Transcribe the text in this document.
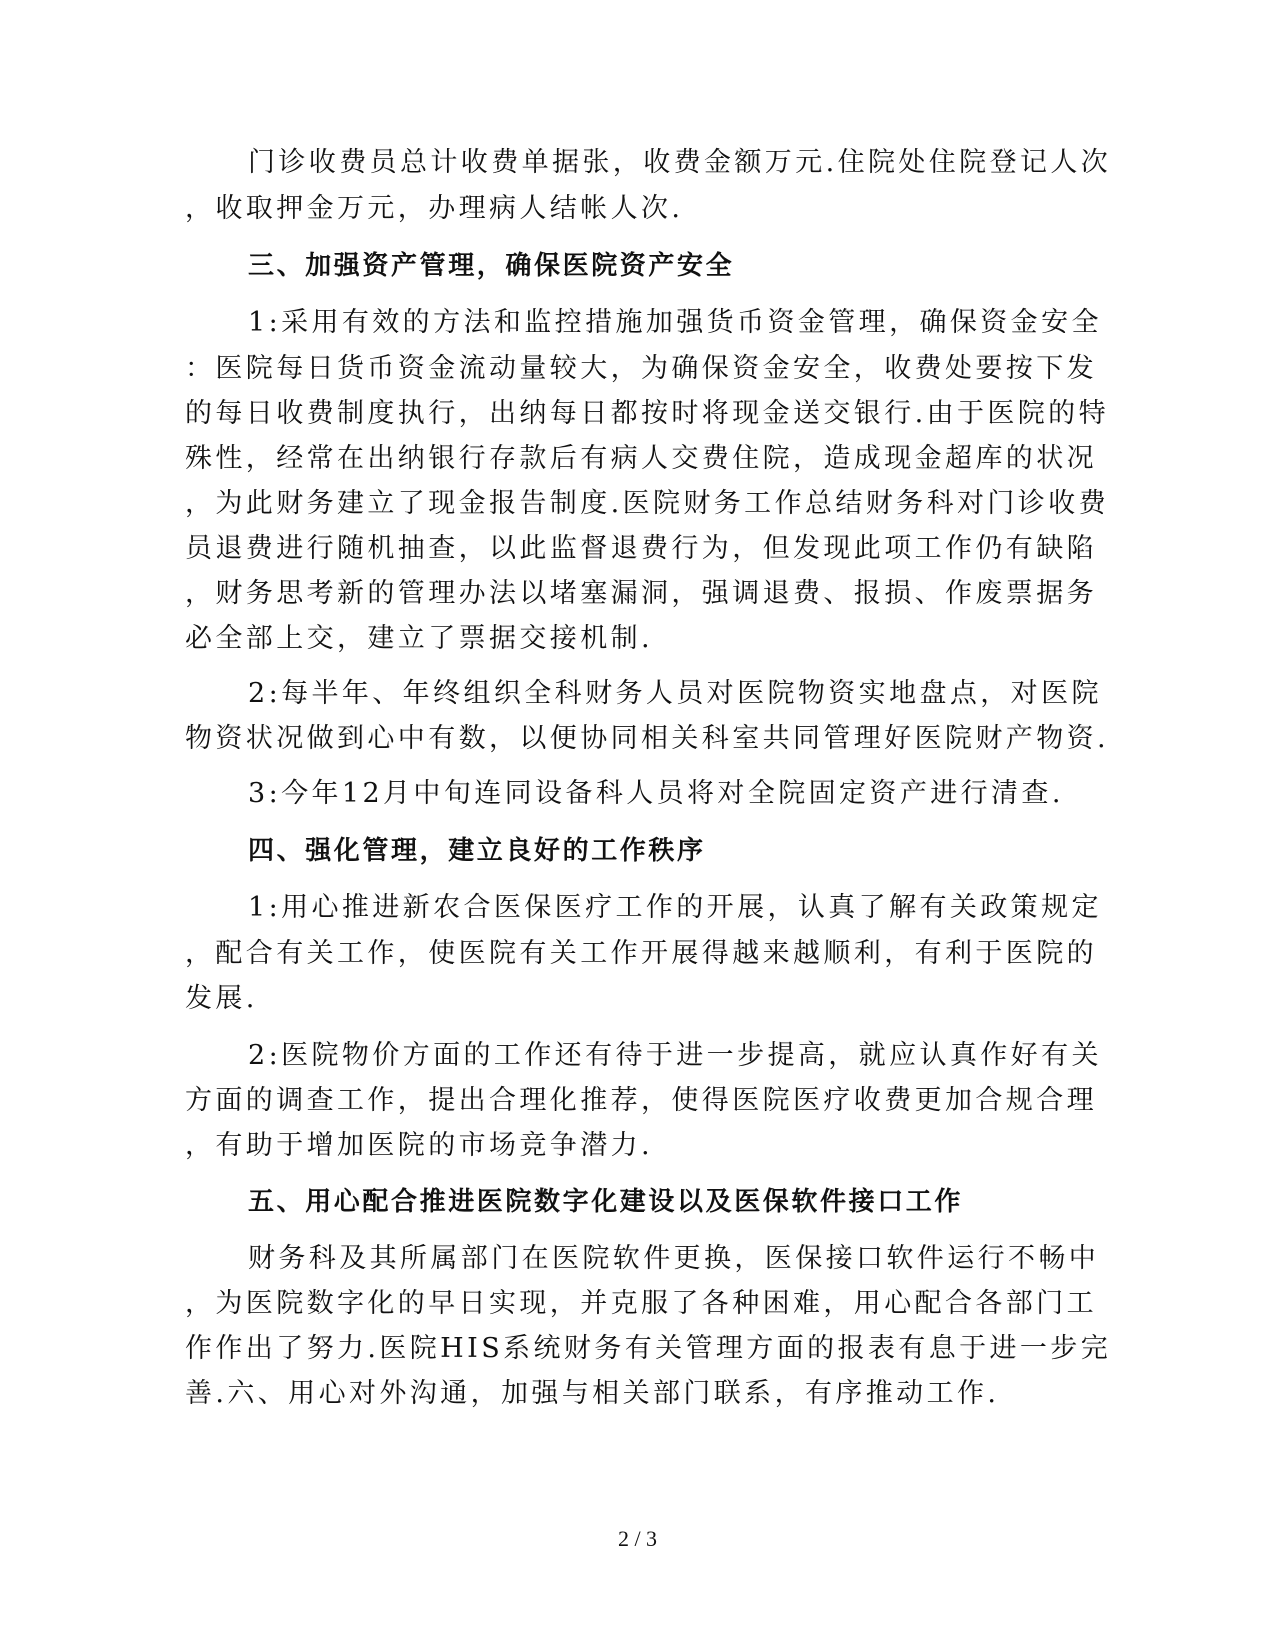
门诊收费员总计收费单据张，收费金额万元.住院处住院登记人次

，收取押金万元，办理病人结帐人次.

三、加强资产管理，确保医院资产安全

1:采用有效的方法和监控措施加强货币资金管理，确保资金安全

：医院每日货币资金流动量较大，为确保资金安全，收费处要按下发

的每日收费制度执行，出纳每日都按时将现金送交银行.由于医院的特

殊性，经常在出纳银行存款后有病人交费住院，造成现金超库的状况

，为此财务建立了现金报告制度.医院财务工作总结财务科对门诊收费

员退费进行随机抽查，以此监督退费行为，但发现此项工作仍有缺陷

，财务思考新的管理办法以堵塞漏洞，强调退费、报损、作废票据务

必全部上交，建立了票据交接机制.

2:每半年、年终组织全科财务人员对医院物资实地盘点，对医院

物资状况做到心中有数，以便协同相关科室共同管理好医院财产物资.

3:今年12月中旬连同设备科人员将对全院固定资产进行清查.

四、强化管理，建立良好的工作秩序

1:用心推进新农合医保医疗工作的开展，认真了解有关政策规定

，配合有关工作，使医院有关工作开展得越来越顺利，有利于医院的

发展.

2:医院物价方面的工作还有待于进一步提高，就应认真作好有关

方面的调查工作，提出合理化推荐，使得医院医疗收费更加合规合理

，有助于增加医院的市场竞争潜力.

五、用心配合推进医院数字化建设以及医保软件接口工作

财务科及其所属部门在医院软件更换，医保接口软件运行不畅中

，为医院数字化的早日实现，并克服了各种困难，用心配合各部门工

作作出了努力.医院HIS系统财务有关管理方面的报表有息于进一步完

善.六、用心对外沟通，加强与相关部门联系，有序推动工作.

2 / 3
